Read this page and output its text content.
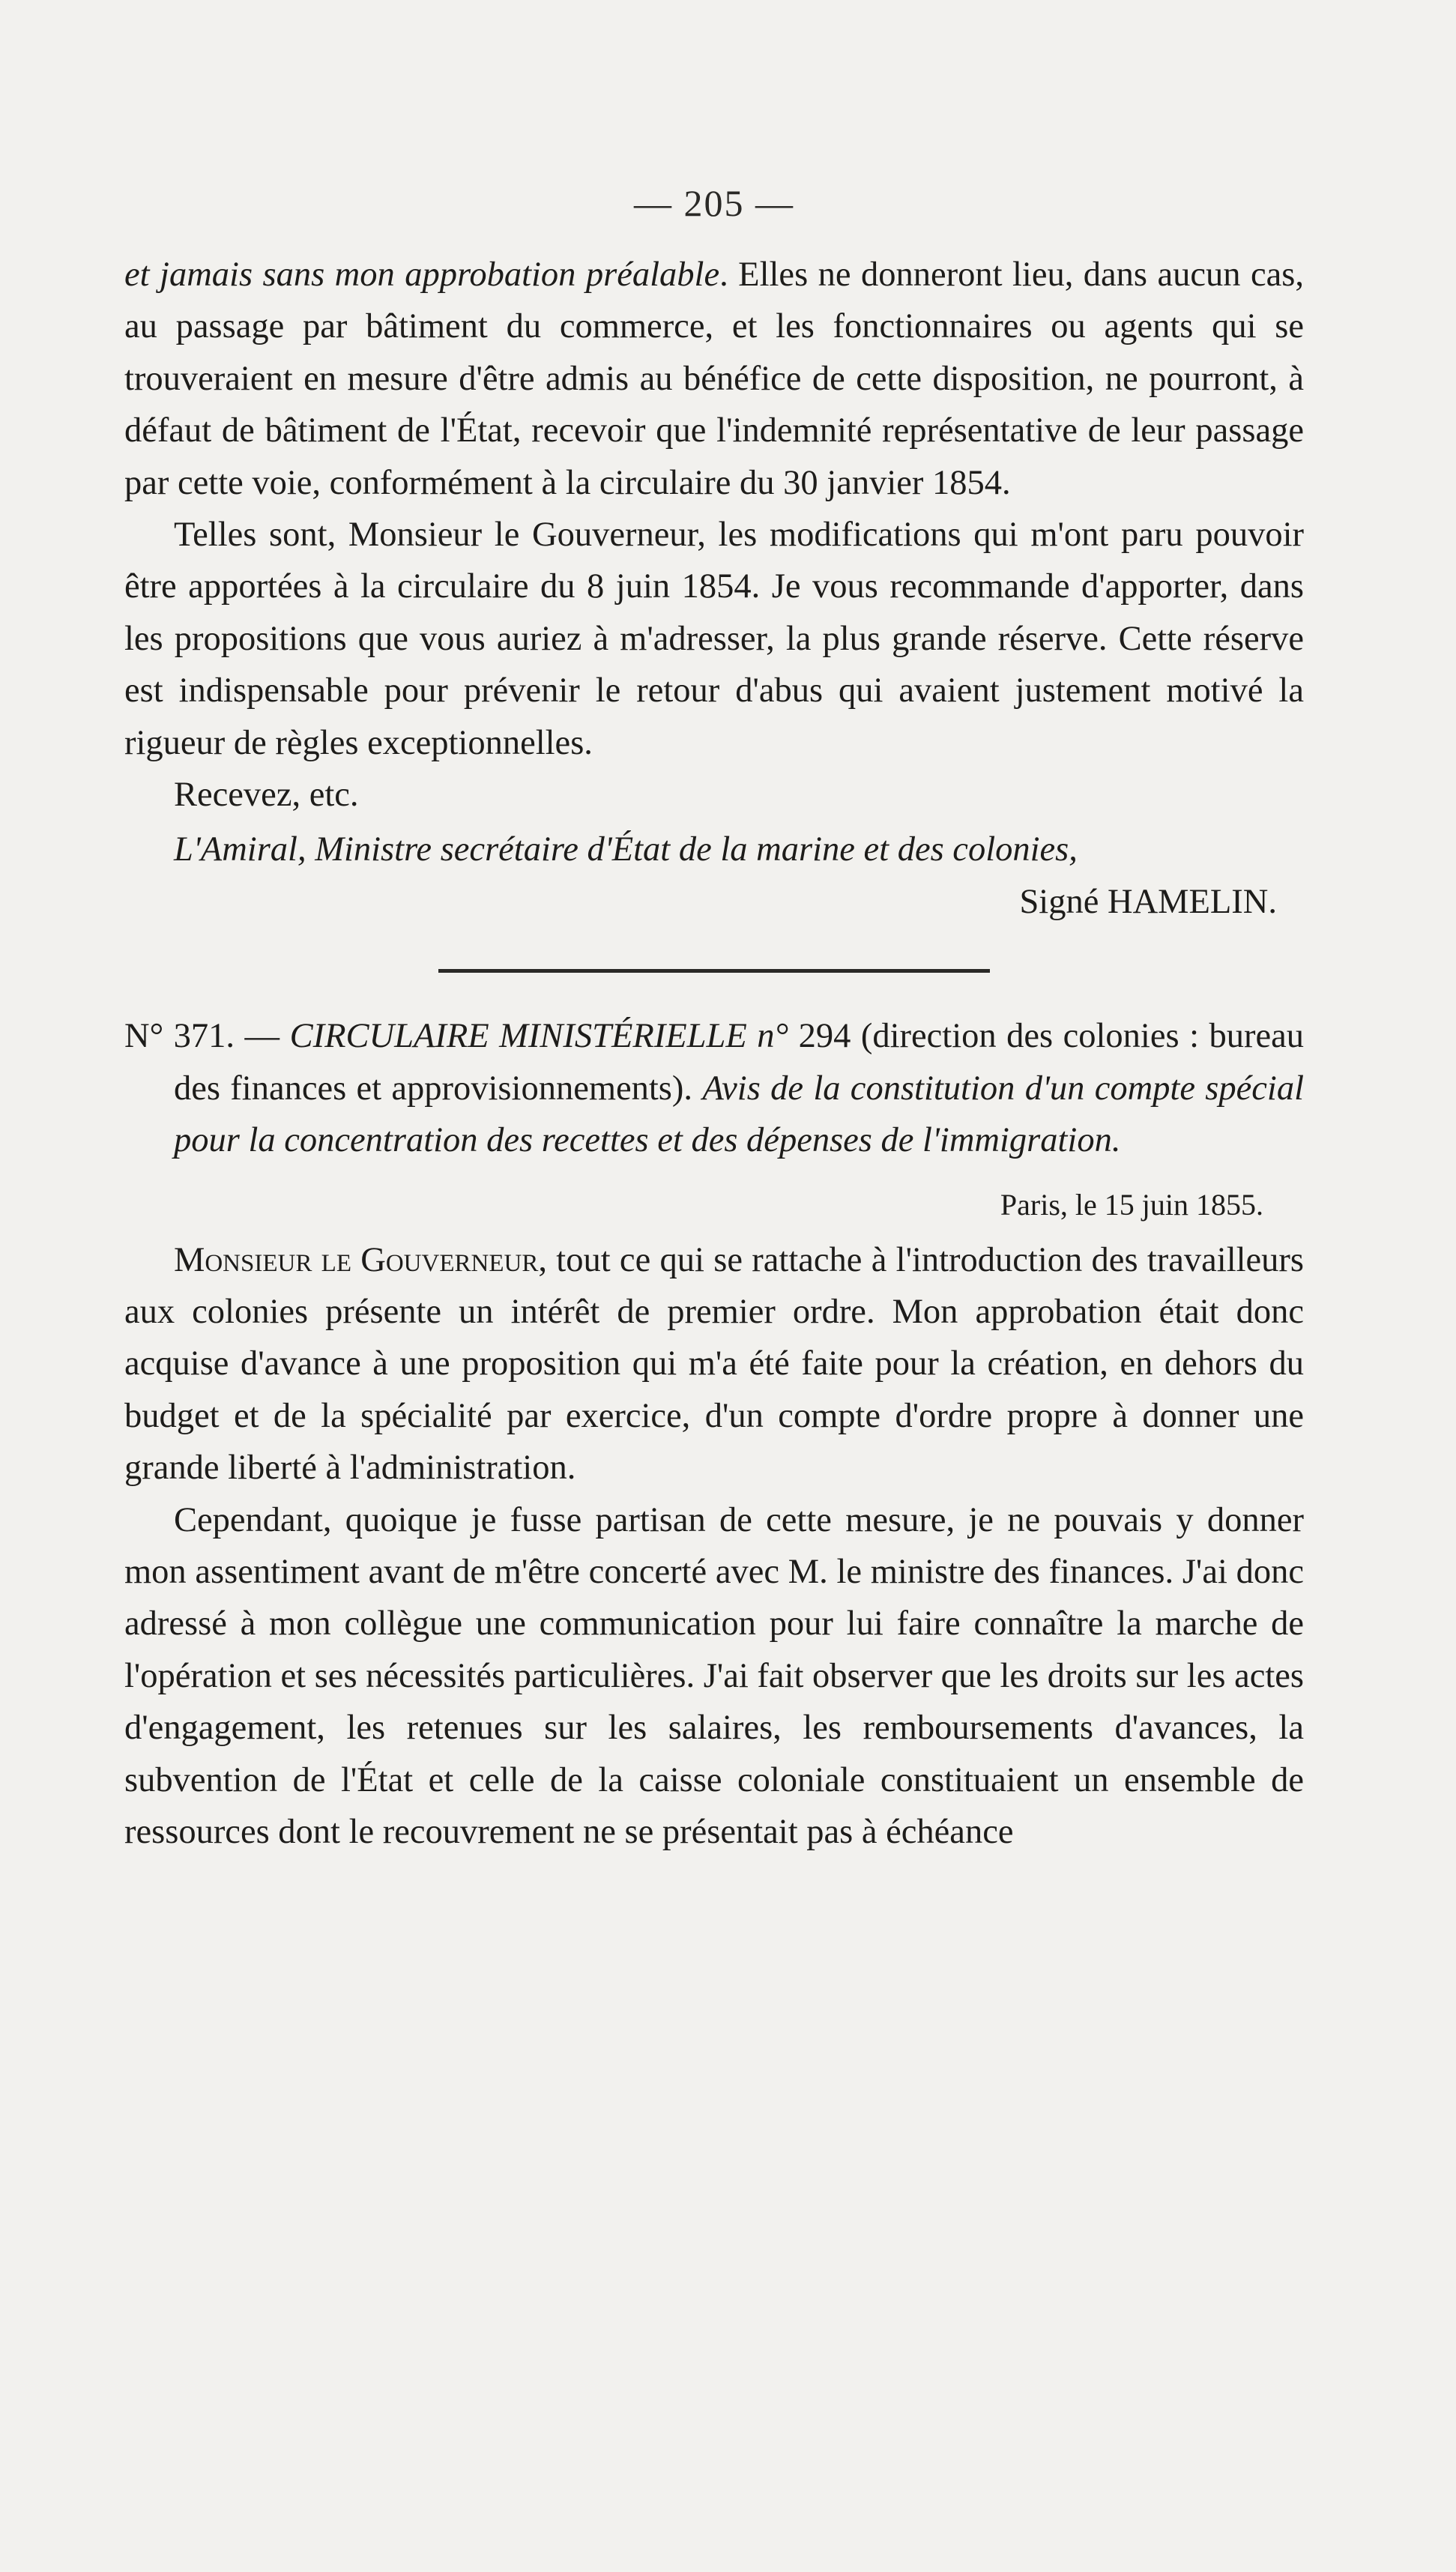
— 205 —

et jamais sans mon approbation préalable. Elles ne donneront lieu, dans aucun cas, au passage par bâtiment du commerce, et les fonctionnaires ou agents qui se trouveraient en mesure d'être admis au bénéfice de cette disposition, ne pourront, à défaut de bâtiment de l'État, recevoir que l'indemnité représentative de leur passage par cette voie, conformément à la circulaire du 30 janvier 1854.

Telles sont, Monsieur le Gouverneur, les modifications qui m'ont paru pouvoir être apportées à la circulaire du 8 juin 1854. Je vous recommande d'apporter, dans les propositions que vous auriez à m'adresser, la plus grande réserve. Cette réserve est indispensable pour prévenir le retour d'abus qui avaient justement motivé la rigueur de règles exceptionnelles.

Recevez, etc.

L'Amiral, Ministre secrétaire d'État de la marine et des colonies,

Signé HAMELIN.

N° 371. — CIRCULAIRE MINISTÉRIELLE n° 294 (direction des colonies : bureau des finances et approvisionnements). Avis de la constitution d'un compte spécial pour la concentration des recettes et des dépenses de l'immigration.

Paris, le 15 juin 1855.

Monsieur le Gouverneur, tout ce qui se rattache à l'introduction des travailleurs aux colonies présente un intérêt de premier ordre. Mon approbation était donc acquise d'avance à une proposition qui m'a été faite pour la création, en dehors du budget et de la spécialité par exercice, d'un compte d'ordre propre à donner une grande liberté à l'administration.

Cependant, quoique je fusse partisan de cette mesure, je ne pouvais y donner mon assentiment avant de m'être concerté avec M. le ministre des finances. J'ai donc adressé à mon collègue une communication pour lui faire connaître la marche de l'opération et ses nécessités particulières. J'ai fait observer que les droits sur les actes d'engagement, les retenues sur les salaires, les remboursements d'avances, la subvention de l'État et celle de la caisse coloniale constituaient un ensemble de ressources dont le recouvrement ne se présentait pas à échéance
